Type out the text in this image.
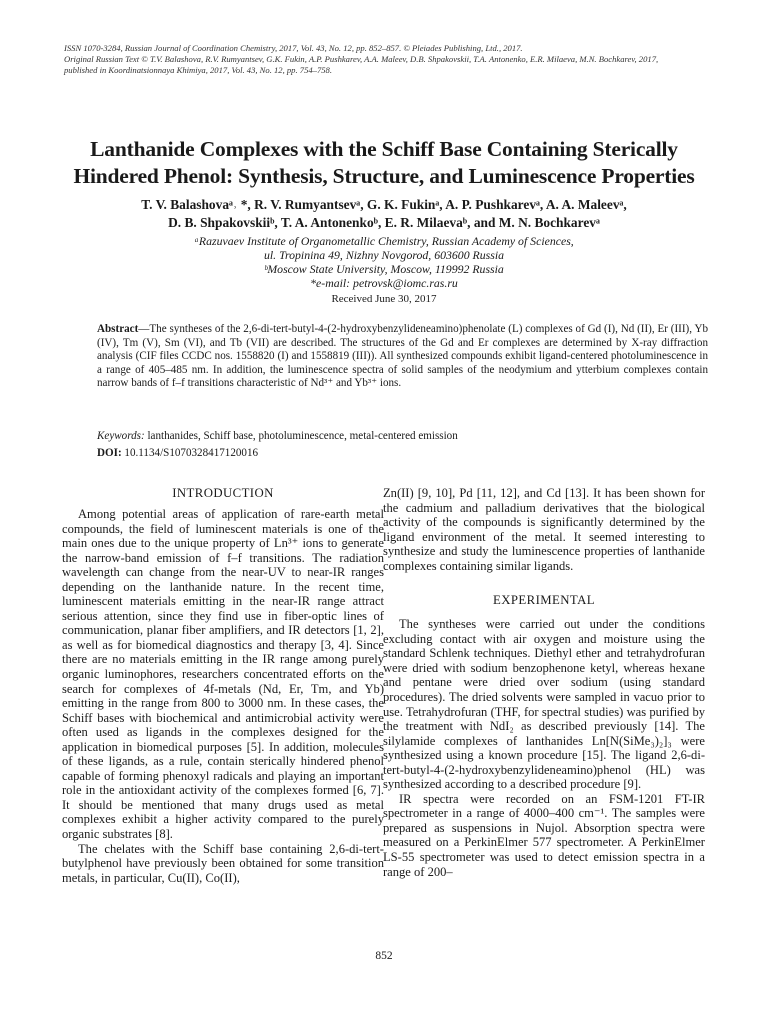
ISSN 1070-3284, Russian Journal of Coordination Chemistry, 2017, Vol. 43, No. 12, pp. 852–857. © Pleiades Publishing, Ltd., 2017.
Original Russian Text © T.V. Balashova, R.V. Rumyantsev, G.K. Fukin, A.P. Pushkarev, A.A. Maleev, D.B. Shpakovskii, T.A. Antonenko, E.R. Milaeva, M.N. Bochkarev, 2017,
published in Koordinatsionnaya Khimiya, 2017, Vol. 43, No. 12, pp. 754–758.
Lanthanide Complexes with the Schiff Base Containing Sterically
Hindered Phenol: Synthesis, Structure, and Luminescence Properties
T. V. Balashovaᵃ˒ *, R. V. Rumyantsevᵃ, G. K. Fukinᵃ, A. P. Pushkarevᵃ, A. A. Maleevᵃ,
D. B. Shpakovskiiᵇ, T. A. Antonenkoᵇ, E. R. Milaevaᵇ, and M. N. Bochkarevᵃ
ᵃRazuvaev Institute of Organometallic Chemistry, Russian Academy of Sciences,
ul. Tropinina 49, Nizhny Novgorod, 603600 Russia
ᵇMoscow State University, Moscow, 119992 Russia
*e-mail: petrovsk@iomc.ras.ru
Received June 30, 2017
Abstract—The syntheses of the 2,6-di-tert-butyl-4-(2-hydroxybenzylideneamino)phenolate (L) complexes of Gd (I), Nd (II), Er (III), Yb (IV), Tm (V), Sm (VI), and Tb (VII) are described. The structures of the Gd and Er complexes are determined by X-ray diffraction analysis (CIF files CCDC nos. 1558820 (I) and 1558819 (III)). All synthesized compounds exhibit ligand-centered photoluminescence in a range of 405–485 nm. In addition, the luminescence spectra of solid samples of the neodymium and ytterbium complexes contain narrow bands of f–f transitions characteristic of Nd³⁺ and Yb³⁺ ions.
Keywords: lanthanides, Schiff base, photoluminescence, metal-centered emission
DOI: 10.1134/S1070328417120016
INTRODUCTION

Among potential areas of application of rare-earth metal compounds, the field of luminescent materials is one of the main ones due to the unique property of Ln³⁺ ions to generate the narrow-band emission of f–f transitions. The radiation wavelength can change from the near-UV to near-IR ranges depending on the lanthanide nature. In the recent time, luminescent materials emitting in the near-IR range attract serious attention, since they find use in fiber-optic lines of communication, planar fiber amplifiers, and IR detectors [1, 2], as well as for biomedical diagnostics and therapy [3, 4]. Since there are no materials emitting in the IR range among purely organic luminophores, researchers concentrated efforts on the search for complexes of 4f-metals (Nd, Er, Tm, and Yb) emitting in the range from 800 to 3000 nm. In these cases, the Schiff bases with biochemical and antimicrobial activity were often used as ligands in the complexes designed for the application in biomedical purposes [5]. In addition, molecules of these ligands, as a rule, contain sterically hindered phenol capable of forming phenoxyl radicals and playing an important role in the antioxidant activity of the complexes formed [6, 7]. It should be mentioned that many drugs used as metal complexes exhibit a higher activity compared to the purely organic substrates [8].

The chelates with the Schiff base containing 2,6-di-tert-butylphenol have previously been obtained for some transition metals, in particular, Cu(II), Co(II),

Zn(II) [9, 10], Pd [11, 12], and Cd [13]. It has been shown for the cadmium and palladium derivatives that the biological activity of the compounds is significantly determined by the ligand environment of the metal. It seemed interesting to synthesize and study the luminescence properties of lanthanide complexes containing similar ligands.

EXPERIMENTAL

The syntheses were carried out under the conditions excluding contact with air oxygen and moisture using the standard Schlenk techniques. Diethyl ether and tetrahydrofuran were dried with sodium benzophenone ketyl, whereas hexane and pentane were dried over sodium (using standard procedures). The dried solvents were sampled in vacuo prior to use. Tetrahydrofuran (THF, for spectral studies) was purified by the treatment with NdI₂ as described previously [14]. The silylamide complexes of lanthanides Ln[N(SiMe₃)₂]₃ were synthesized using a known procedure [15]. The ligand 2,6-di-tert-butyl-4-(2-hydroxybenzylideneamino)phenol (HL) was synthesized according to a described procedure [9].

IR spectra were recorded on an FSM-1201 FT-IR spectrometer in a range of 4000–400 cm⁻¹. The samples were prepared as suspensions in Nujol. Absorption spectra were measured on a PerkinElmer 577 spectrometer. A PerkinElmer LS-55 spectrometer was used to detect emission spectra in a range of 200–

852
